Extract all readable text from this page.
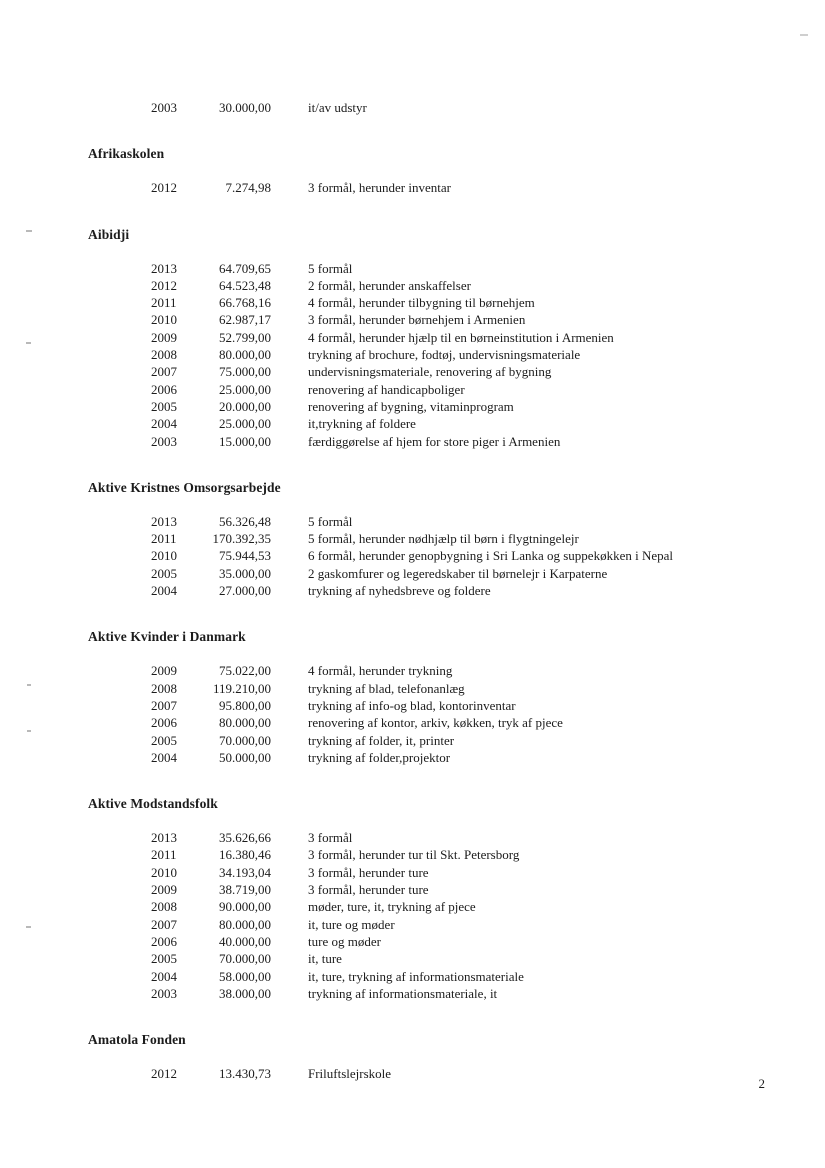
2003	30.000,00	it/av udstyr
Afrikaskolen
2012	7.274,98	3 formål, herunder inventar
Aibidji
2013	64.709,65	5 formål
2012	64.523,48	2 formål, herunder anskaffelser
2011	66.768,16	4 formål, herunder tilbygning til børnehjem
2010	62.987,17	3 formål, herunder børnehjem i Armenien
2009	52.799,00	4 formål, herunder hjælp til en børneinstitution i Armenien
2008	80.000,00	trykning af brochure, fodtøj, undervisningsmateriale
2007	75.000,00	undervisningsmateriale, renovering af bygning
2006	25.000,00	renovering af handicapboliger
2005	20.000,00	renovering af bygning, vitaminprogram
2004	25.000,00	it,trykning af foldere
2003	15.000,00	færdiggørelse af hjem for store piger i Armenien
Aktive Kristnes Omsorgsarbejde
2013	56.326,48	5 formål
2011	170.392,35	5 formål, herunder nødhjælp til børn i flygtningelejr
2010	75.944,53	6 formål, herunder genopbygning i Sri Lanka og suppekøkken i Nepal
2005	35.000,00	2 gaskomfurer og legeredskaber til børnelejr i Karpaterne
2004	27.000,00	trykning af nyhedsbreve og foldere
Aktive Kvinder i Danmark
2009	75.022,00	4 formål, herunder trykning
2008	119.210,00	trykning af blad, telefonanlæg
2007	95.800,00	trykning af info-og blad, kontorinventar
2006	80.000,00	renovering af kontor, arkiv, køkken, tryk af pjece
2005	70.000,00	trykning af folder, it, printer
2004	50.000,00	trykning af folder,projektor
Aktive Modstandsfolk
2013	35.626,66	3 formål
2011	16.380,46	3 formål, herunder tur til Skt. Petersborg
2010	34.193,04	3 formål, herunder ture
2009	38.719,00	3 formål, herunder ture
2008	90.000,00	møder, ture, it, trykning af pjece
2007	80.000,00	it, ture og møder
2006	40.000,00	ture og møder
2005	70.000,00	it, ture
2004	58.000,00	it, ture, trykning af informationsmateriale
2003	38.000,00	trykning af informationsmateriale, it
Amatola Fonden
2012	13.430,73	Friluftslejrskole
2
